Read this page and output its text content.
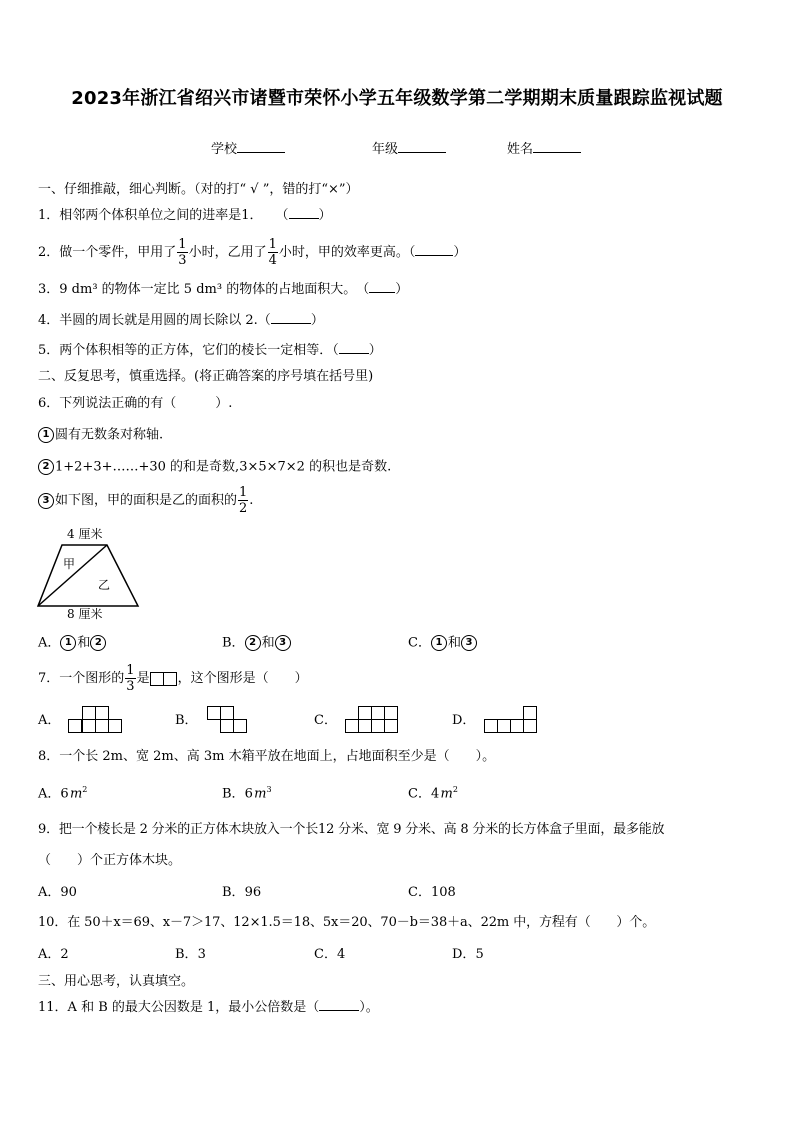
2023年浙江省绍兴市诸暨市荣怀小学五年级数学第二学期期末质量跟踪监视试题
学校	年级	姓名
一、仔细推敲，细心判断。（对的打“ √ ”，错的打“×”）
1．相邻两个体积单位之间的进率是1．　　（ ）
2．做一个零件，甲用了 $\frac{1}{3}$ 小时，乙用了 $\frac{1}{4}$ 小时，甲的效率更高。（	）
3．9 dm³ 的物体一定比 5 dm³ 的物体的占地面积大。　（ ）
4．半圆的周长就是用圆的周长除以 2.（	）
5．两个体积相等的正方体，它们的棱长一定相等．（ ）
二、反复思考，慎重选择。(将正确答案的序号填在括号里)
6．下列说法正确的有（　　　）.
1 圆有无数条对称轴.
2 1+2+3+……+30 的和是奇数,3×5×7×2 的积也是奇数.
3 如下图，甲的面积是乙的面积的 $\frac{1}{2}$ .
4 厘米
甲
乙
8 厘米
A． 1 和 2	B． 2 和 3	C． 1 和 3
7．一个图形的 $\frac{1}{3}$ 是 ，这个图形是（　　）
A．	B．	C．	D．
8．一个长 2m、宽 2m、高 3m 木箱平放在地面上，占地面积至少是（　　）。
A．6 $m^2$	B．6 $m^3$	C．4 $m^2$
9．把一个棱长是 2 分米的正方体木块放入一个长12 分米、宽 9 分米、高 8 分米的长方体盒子里面，最多能放
（　　）个正方体木块。
A．90	B．96	C．108
10．在 50＋x＝69、x－7＞17、12×1.5＝18、5x＝20、70－b＝38＋a、22m 中，方程有（　　）个。
A．2	B．3	C．4	D．5
三、用心思考，认真填空。
11．A 和 B 的最大公因数是 1，最小公倍数是（	）。
